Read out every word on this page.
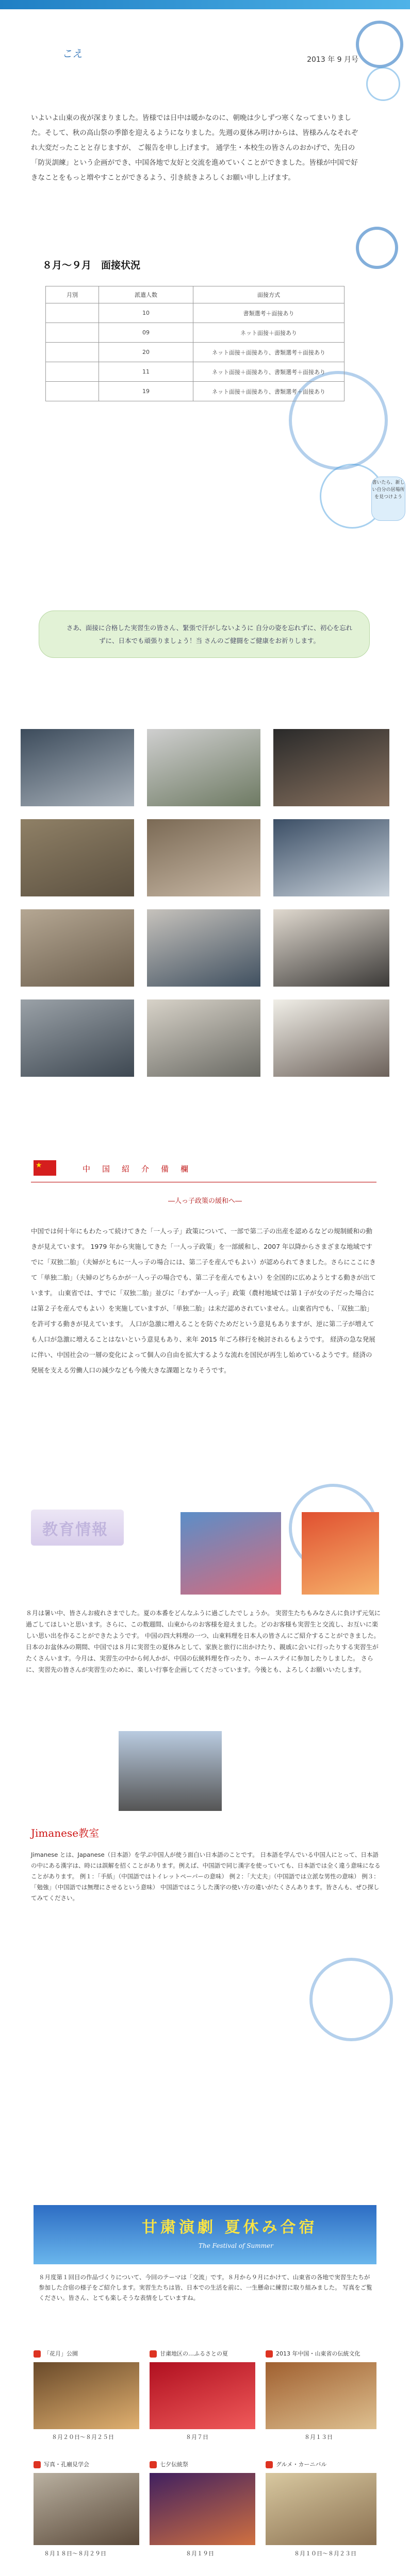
こえ	2013 年 9 月号
いよいよ山東の夜が深まりました。皆様では日中は暖かなのに、朝晩は少しずつ寒くなってまいりました。そして、秋の高山祭の季節を迎えるようになりました。先週の夏休み明けからは、皆様みんなそれぞれ大変だったことと存じますが、 ご報告を申し上げます。 通学生・本校生の皆さんのおかげで、先日の「防災訓練」という企画ができ、中国各地で友好と交流を進めていくことができました。皆様が中国で好きなことをもっと増やすことができるよう、引き続きよろしくお願い申し上げます。
８月～９月　面接状況
月別	派遣人数	面接方式
	10	書類選考＋面接あり
	09	ネット面接＋面接あり
	20	ネット面接＋面接あり、書類選考＋面接あり
	11	ネット面接＋面接あり、書類選考＋面接あり
	19	ネット面接＋面接あり、書類選考＋面接あり
書いたら、新しい自分の居場所を見つけよう
さあ、面接に合格した実習生の皆さん、緊張で汗がしないように 自分の姿を忘れずに、初心を忘れずに、日本でも頑張りましょう！当 さんのご健闘をご健康をお祈りします。
★	中　国　紹　介　備　欄
―人っ子政策の緩和へ―
中国では何十年にもわたって続けてきた「一人っ子」政策について、一部で第二子の出産を認めるなどの規制緩和の動きが見えています。 1979 年から実施してきた「一人っ子政策」を一部緩和し、2007 年以降からさまざまな地域ですでに「双独二胎」（夫婦がともに一人っ子の場合には、第二子を産んでもよい）が認められてきました。さらにここにきて「単独二胎」（夫婦のどちらかが一人っ子の場合でも、第二子を産んでもよい）を全国的に広めようとする動きが出ています。 山東省では、すでに「双独二胎」並びに「わずか一人っ子」政策（農村地域では第１子が女の子だった場合には第２子を産んでもよい）を実施していますが、「単独二胎」は未だ認めされていません。山東省内でも、「双独二胎」を許可する動きが見えています。 人口が急激に増えることを防ぐためだという意見もありますが、逆に第二子が増えても人口が急激に増えることはないという意見もあり、来年 2015 年ごろ移行を検討されるもようです。 経済の急な発展に伴い、中国社会の一層の変化によって個人の自由を拡大するような流れを国民が再生し始めているようです。経済の発展を支える労働人口の減少なども今後大きな課題となりそうです。
教育情報
８月は暑い中、皆さんお疲れさまでした。夏の本番をどんなふうに過ごしたでしょうか。 実習生たちもみなさんに負けず元気に過ごしてほしいと思います。さらに、この数週間、山東からのお客様を迎えました。どのお客様も実習生と交流し、お互いに楽しい思い出を作ることができたようです。 中国の四大料理の一つ、山東料理を日本人の皆さんにご紹介することができました。 日本のお盆休みの期間、中国では８月に実習生の夏休みとして、家族と旅行に出かけたり、親戚に会いに行ったりする実習生がたくさんいます。今月は、実習生の中から何人かが、中国の伝統料理を作ったり、ホームステイに参加したりしました。 さらに、実習先の皆さんが実習生のために、楽しい行事を企画してくださっています。今後とも、よろしくお願いいたします。
Jimanese教室
Jimanese とは、Japanese（日本語）を学ぶ中国人が使う面白い日本語のことです。 日本語を学んでいる中国人にとって、日本語の中にある漢字は、時には誤解を招くことがあります。例えば、中国語で同じ漢字を使っていても、日本語では全く違う意味になることがあります。 例１：「手紙」（中国語ではトイレットペーパーの意味） 例２：「大丈夫」（中国語では立派な男性の意味） 例３：「勉強」（中国語では無理にさせるという意味） 中国語ではこうした漢字の使い方の違いがたくさんあります。皆さんも、ぜひ探してみてください。
甘粛演劇 夏休み合宿
The Festival of Summer
８月度第１回目の作品づくりについて、今回のテーマは「交流」です。８月から９月にかけて、山東省の各地で実習生たちが参加した合宿の様子をご紹介します。実習生たちは皆、日本での生活を前に、一生懸命に練習に取り組みました。 写真をご覧ください。皆さん、とても楽しそうな表情をしていますね。
「花月」公園
８月２０日～８月２５日
甘粛地区の…ふるさとの夏
８月７日
2013 年中国・山東省の伝統文化
８月１３日
写真・孔廟見学会
８月１８日～８月２９日
七夕伝統祭
８月１９日
グルメ・カーニバル
８月１０日～８月２３日
